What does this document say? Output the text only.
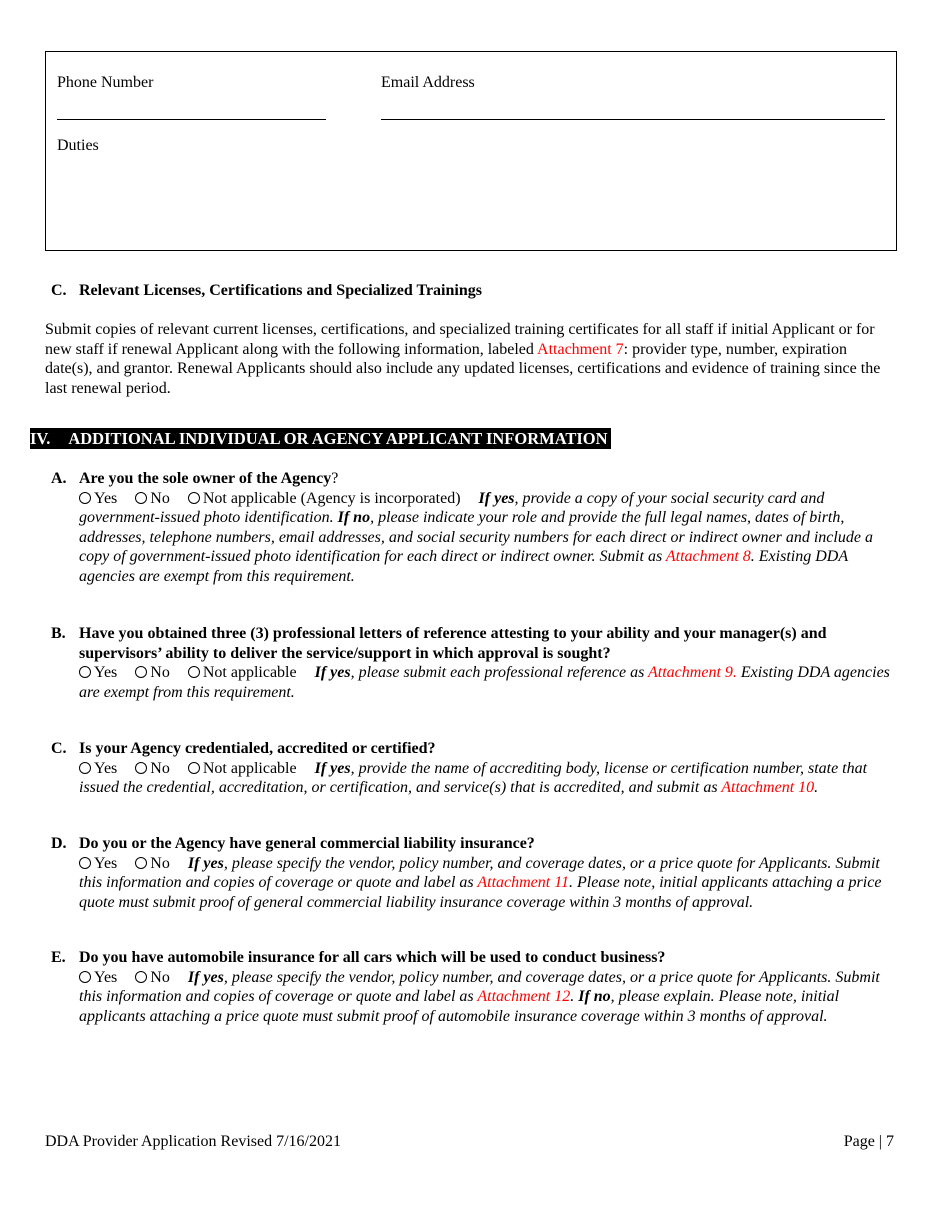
Phone Number	Email Address
Duties
C. Relevant Licenses, Certifications and Specialized Trainings
Submit copies of relevant current licenses, certifications, and specialized training certificates for all staff if initial Applicant or for new staff if renewal Applicant along with the following information, labeled Attachment 7: provider type, number, expiration date(s), and grantor. Renewal Applicants should also include any updated licenses, certifications and evidence of training since the last renewal period.
IV. ADDITIONAL INDIVIDUAL OR AGENCY APPLICANT INFORMATION
A. Are you the sole owner of the Agency?
Yes No Not applicable (Agency is incorporated) If yes, provide a copy of your social security card and government-issued photo identification. If no, please indicate your role and provide the full legal names, dates of birth, addresses, telephone numbers, email addresses, and social security numbers for each direct or indirect owner and include a copy of government-issued photo identification for each direct or indirect owner. Submit as Attachment 8. Existing DDA agencies are exempt from this requirement.
B. Have you obtained three (3) professional letters of reference attesting to your ability and your manager(s) and supervisors’ ability to deliver the service/support in which approval is sought?
Yes No Not applicable If yes, please submit each professional reference as Attachment 9. Existing DDA agencies are exempt from this requirement.
C. Is your Agency credentialed, accredited or certified?
Yes No Not applicable If yes, provide the name of accrediting body, license or certification number, state that issued the credential, accreditation, or certification, and service(s) that is accredited, and submit as Attachment 10.
D. Do you or the Agency have general commercial liability insurance?
Yes No If yes, please specify the vendor, policy number, and coverage dates, or a price quote for Applicants. Submit this information and copies of coverage or quote and label as Attachment 11. Please note, initial applicants attaching a price quote must submit proof of general commercial liability insurance coverage within 3 months of approval.
E. Do you have automobile insurance for all cars which will be used to conduct business?
Yes No If yes, please specify the vendor, policy number, and coverage dates, or a price quote for Applicants. Submit this information and copies of coverage or quote and label as Attachment 12. If no, please explain. Please note, initial applicants attaching a price quote must submit proof of automobile insurance coverage within 3 months of approval.
DDA Provider Application Revised 7/16/2021	Page | 7
